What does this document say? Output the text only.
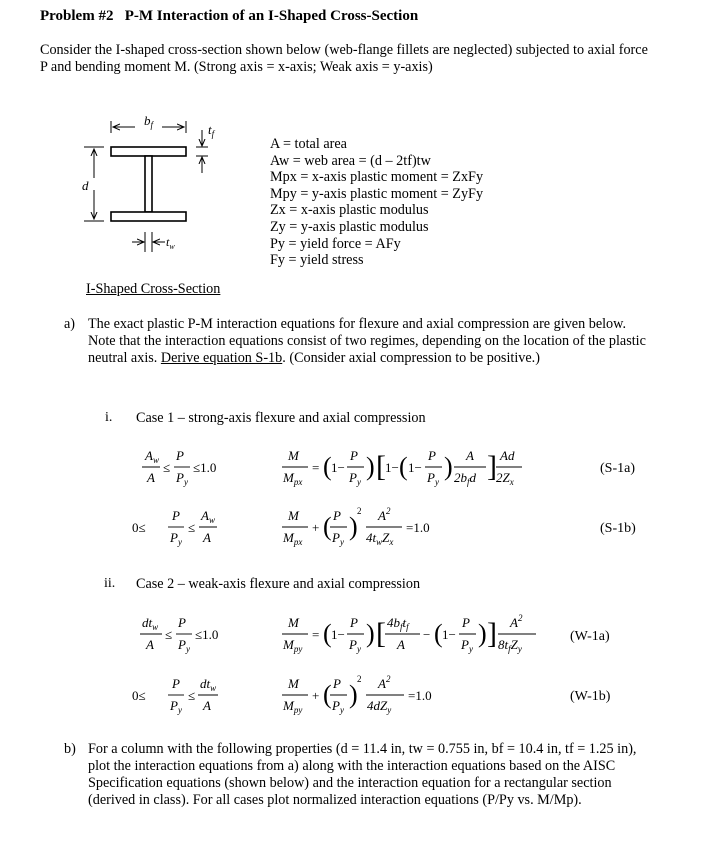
Problem #2   P-M Interaction of an I-Shaped Cross-Section
Consider the I-shaped cross-section shown below (web-flange fillets are neglected) subjected to axial force P and bending moment M. (Strong axis = x-axis; Weak axis = y-axis)
$b_f$	$t_f$
d
$t_w$
A = total area
Aw = web area = (d – 2tf)tw
Mpx = x-axis plastic moment = ZxFy
Mpy = y-axis plastic moment = ZyFy
Zx = x-axis plastic modulus
Zy = y-axis plastic modulus
Py = yield force = AFy
Fy = yield stress
I-Shaped Cross-Section
a) The exact plastic P-M interaction equations for flexure and axial compression are given below. Note that the interaction equations consist of two regimes, depending on the location of the plastic neutral axis. Derive equation S-1b. (Consider axial compression to be positive.)
i. Case 1 – strong-axis flexure and axial compression
$A_w$
A
≤
P
$P_y$
≤1.0
M
$M_{px}$
= ( 1−
P
$P_y$
) [ 1− ( 1−
P
$P_y$
) A
$2b_fd$ ] Ad
$2Z_x$
(S-1a)
0≤
P
$P_y$
≤
$A_w$
A
M
$M_{px}$
+ ( P
$P_y$
)
2 $A^2$
$4t_wZ_x$
=1.0	(S-1b)
ii. Case 2 – weak-axis flexure and axial compression
$dt_w$
A
≤
P
$P_y$
≤1.0
M
$M_{py}$
= ( 1−
P
$P_y$
) [ $4b_ft_f$
A
− ( 1−
P
$P_y$
) ] $A^2$
$8t_fZ_y$
(W-1a)
0≤
P
$P_y$
≤
$dt_w$
A
M
$M_{py}$
+ ( P
$P_y$
)
2 $A^2$
$4dZ_y$
=1.0	(W-1b)
b) For a column with the following properties (d = 11.4 in, tw = 0.755 in, bf = 10.4 in, tf = 1.25 in), plot the interaction equations from a) along with the interaction equations based on the AISC Specification equations (shown below) and the interaction equation for a rectangular section (derived in class). For all cases plot normalized interaction equations (P/Py vs. M/Mp).
